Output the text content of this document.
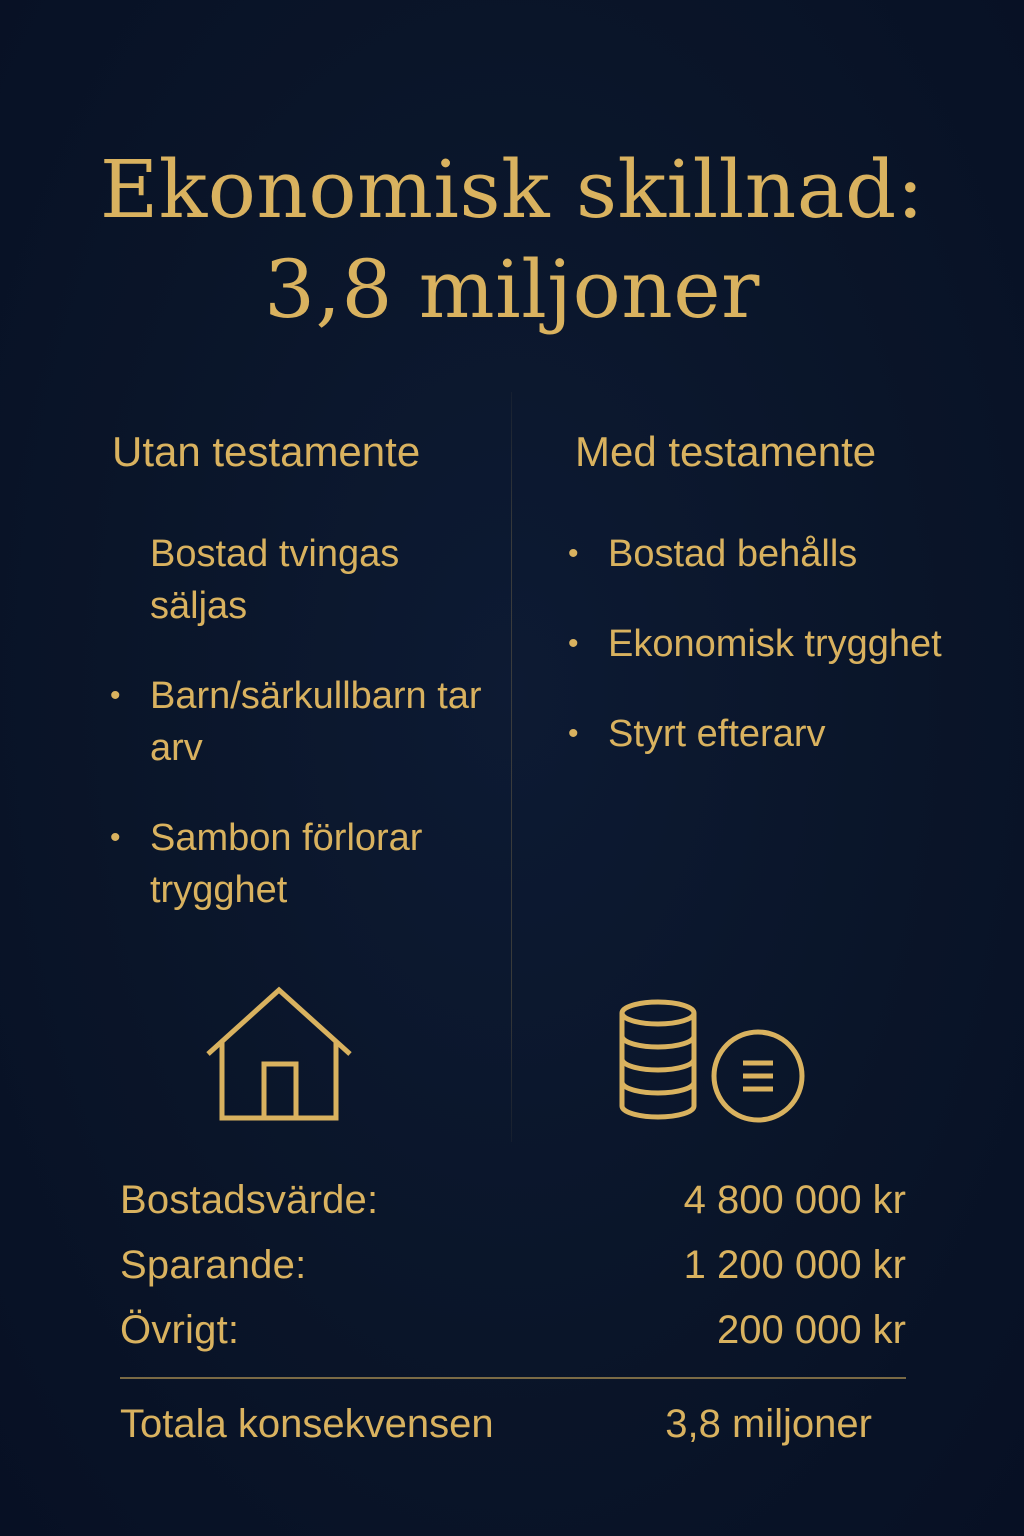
Ekonomisk skillnad:
3,8 miljoner
Utan testamente	Med testamente
Bostad tvingas säljas
• Barn/särkullbarn tar arv
• Sambon förlorar trygghet
• Bostad behålls
• Ekonomisk trygghet
• Styrt efterarv
Bostadsvärde:	4 800 000 kr
Sparande:	1 200 000 kr
Övrigt:	200 000 kr
Totala konsekvensen	3,8 miljoner
